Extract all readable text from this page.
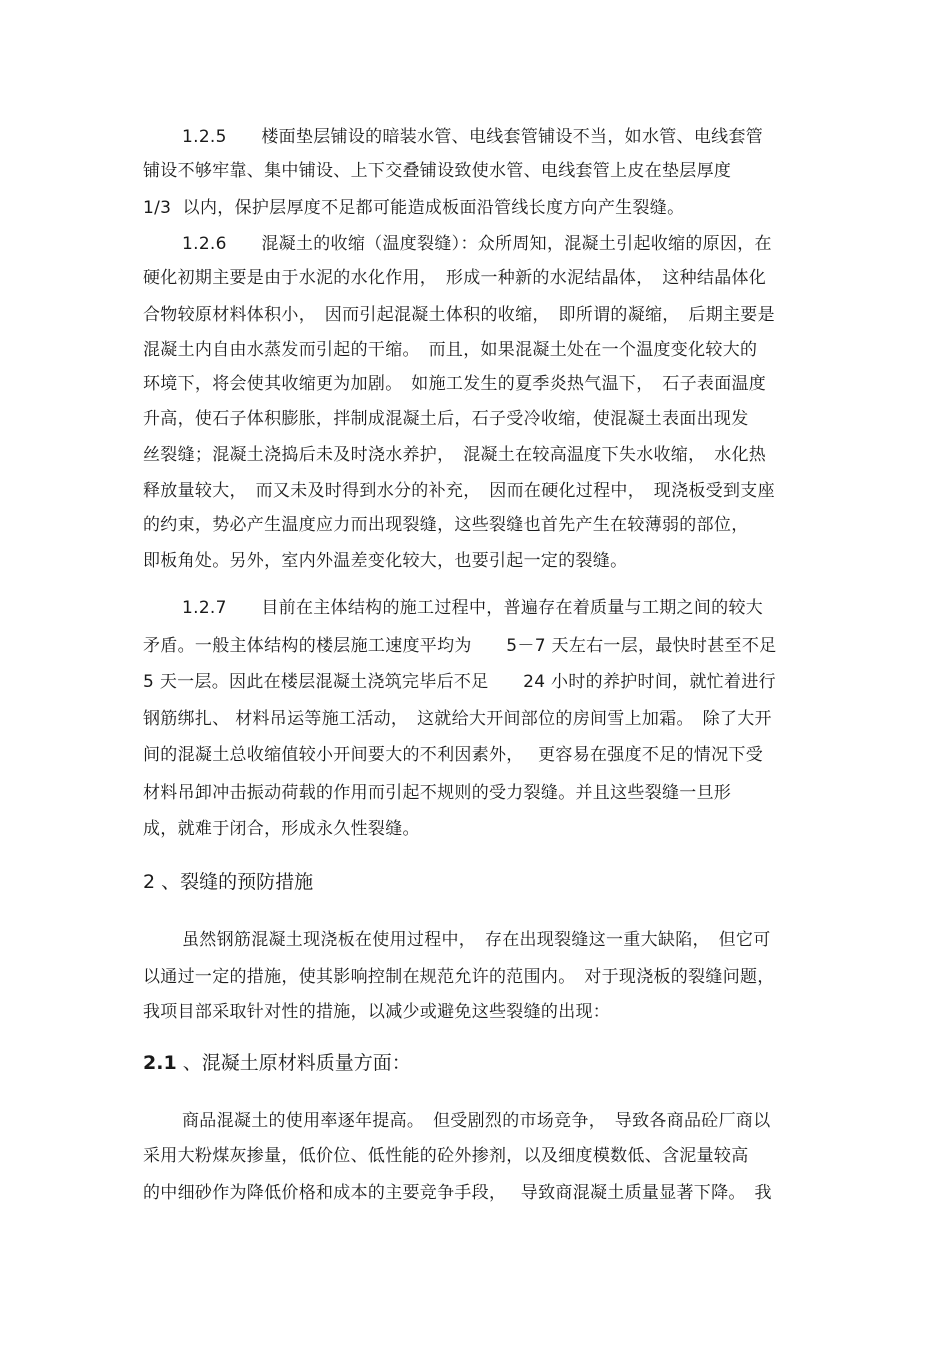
1.2.5　　楼面垫层铺设的暗装水管、电线套管铺设不当，如水管、电线套管
铺设不够牢靠、集中铺设、上下交叠铺设致使水管、电线套管上皮在垫层厚度
1/3  以内，保护层厚度不足都可能造成板面沿管线长度方向产生裂缝。
1.2.6　　混凝土的收缩（温度裂缝）：众所周知，混凝土引起收缩的原因，在
硬化初期主要是由于水泥的水化作用，　形成一种新的水泥结晶体，　这种结晶体化
合物较原材料体积小，　因而引起混凝土体积的收缩，　即所谓的凝缩，　后期主要是
混凝土内自由水蒸发而引起的干缩。　而且，如果混凝土处在一个温度变化较大的
环境下，将会使其收缩更为加剧。　如施工发生的夏季炎热气温下，　石子表面温度
升高，使石子体积膨胀，拌制成混凝土后，石子受冷收缩，使混凝土表面出现发
丝裂缝；混凝土浇捣后未及时浇水养护，　混凝土在较高温度下失水收缩，　水化热
释放量较大，　而又未及时得到水分的补充，　因而在硬化过程中，　现浇板受到支座
的约束，势必产生温度应力而出现裂缝，这些裂缝也首先产生在较薄弱的部位，
即板角处。另外，室内外温差变化较大，也要引起一定的裂缝。
1.2.7　　目前在主体结构的施工过程中，普遍存在着质量与工期之间的较大
矛盾。一般主体结构的楼层施工速度平均为　　5－7 天左右一层，最快时甚至不足
5 天一层。因此在楼层混凝土浇筑完毕后不足　　24 小时的养护时间，就忙着进行
钢筋绑扎、 材料吊运等施工活动，　这就给大开间部位的房间雪上加霜。　除了大开
间的混凝土总收缩值较小开间要大的不利因素外，　 更容易在强度不足的情况下受
材料吊卸冲击振动荷载的作用而引起不规则的受力裂缝。并且这些裂缝一旦形
成，就难于闭合，形成永久性裂缝。
2 、裂缝的预防措施
虽然钢筋混凝土现浇板在使用过程中，　存在出现裂缝这一重大缺陷，　但它可
以通过一定的措施，使其影响控制在规范允许的范围内。　对于现浇板的裂缝问题，
我项目部采取针对性的措施，以减少或避免这些裂缝的出现：
2.1 、混凝土原材料质量方面：
商品混凝土的使用率逐年提高。　但受剧烈的市场竞争，　导致各商品砼厂商以
采用大粉煤灰掺量，低价位、低性能的砼外掺剂，以及细度模数低、含泥量较高
的中细砂作为降低价格和成本的主要竞争手段，　 导致商混凝土质量显著下降。　我
